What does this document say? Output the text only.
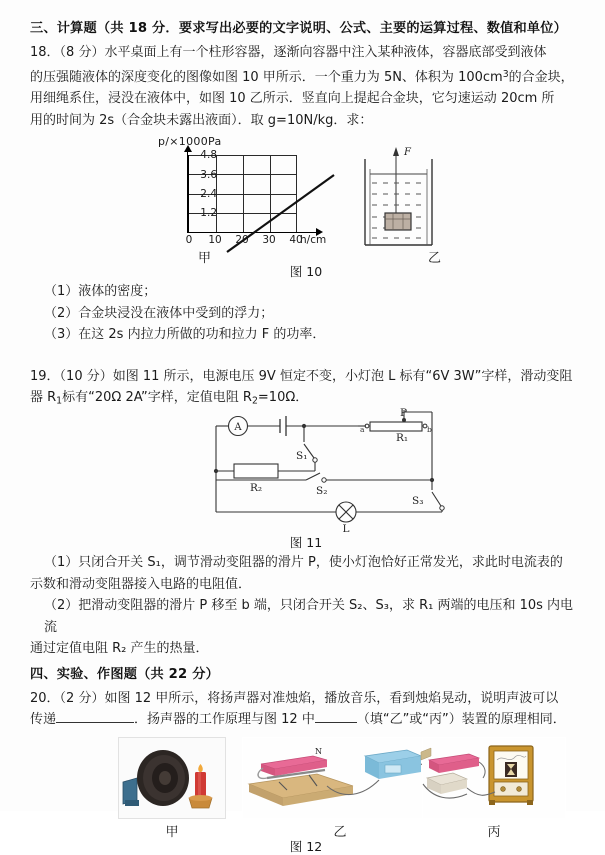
三、计算题（共 18 分．要求写出必要的文字说明、公式、主要的运算过程、数值和单位）
18．（8 分）水平桌面上有一个柱形容器，逐渐向容器中注入某种液体，容器底部受到液体
的压强随液体的深度变化的图像如图 10 甲所示．一个重力为 5N、体积为 $100cm^3$的合金块，
用细绳系住，浸没在液体中，如图 10 乙所示．竖直向上提起合金块，它匀速运动 20cm 所
用的时间为 2s（合金块未露出液面）．取 g=10N/kg．求：
p/×1000Pa
4.8
3.6
2.4
1.2
0	10 20 30 40
h/cm
F
甲	乙
图 10
（1）液体的密度；
（2）合金块浸没在液体中受到的浮力；
（3）在这 2s 内拉力所做的功和拉力 F 的功率．
19．（10 分）如图 11 所示，电源电压 9V 恒定不变，小灯泡 L 标有“6V 3W”字样，滑动变阻
器 $R_1$标有“20Ω 2A”字样，定值电阻 $R_2=10\Omega$．
A
S₁
R₂	S₂
S₃
R₁
P
a	b
L
图 11
（1）只闭合开关 S₁，调节滑动变阻器的滑片 P，使小灯泡恰好正常发光，求此时电流表的
示数和滑动变阻器接入电路的电阻值．
（2）把滑动变阻器的滑片 P 移至 b 端，只闭合开关 S₂、S₃，求 R₁ 两端的电压和 10s 内电流
通过定值电阻 R₂ 产生的热量．
四、实验、作图题（共 22 分）
20．（2 分）如图 12 甲所示，将扬声器对准烛焰，播放音乐，看到烛焰晃动，说明声波可以
传递	．扬声器的工作原理与图 12 中	（填“乙”或“丙”）装置的原理相同．
N
甲	乙	丙
图 12
